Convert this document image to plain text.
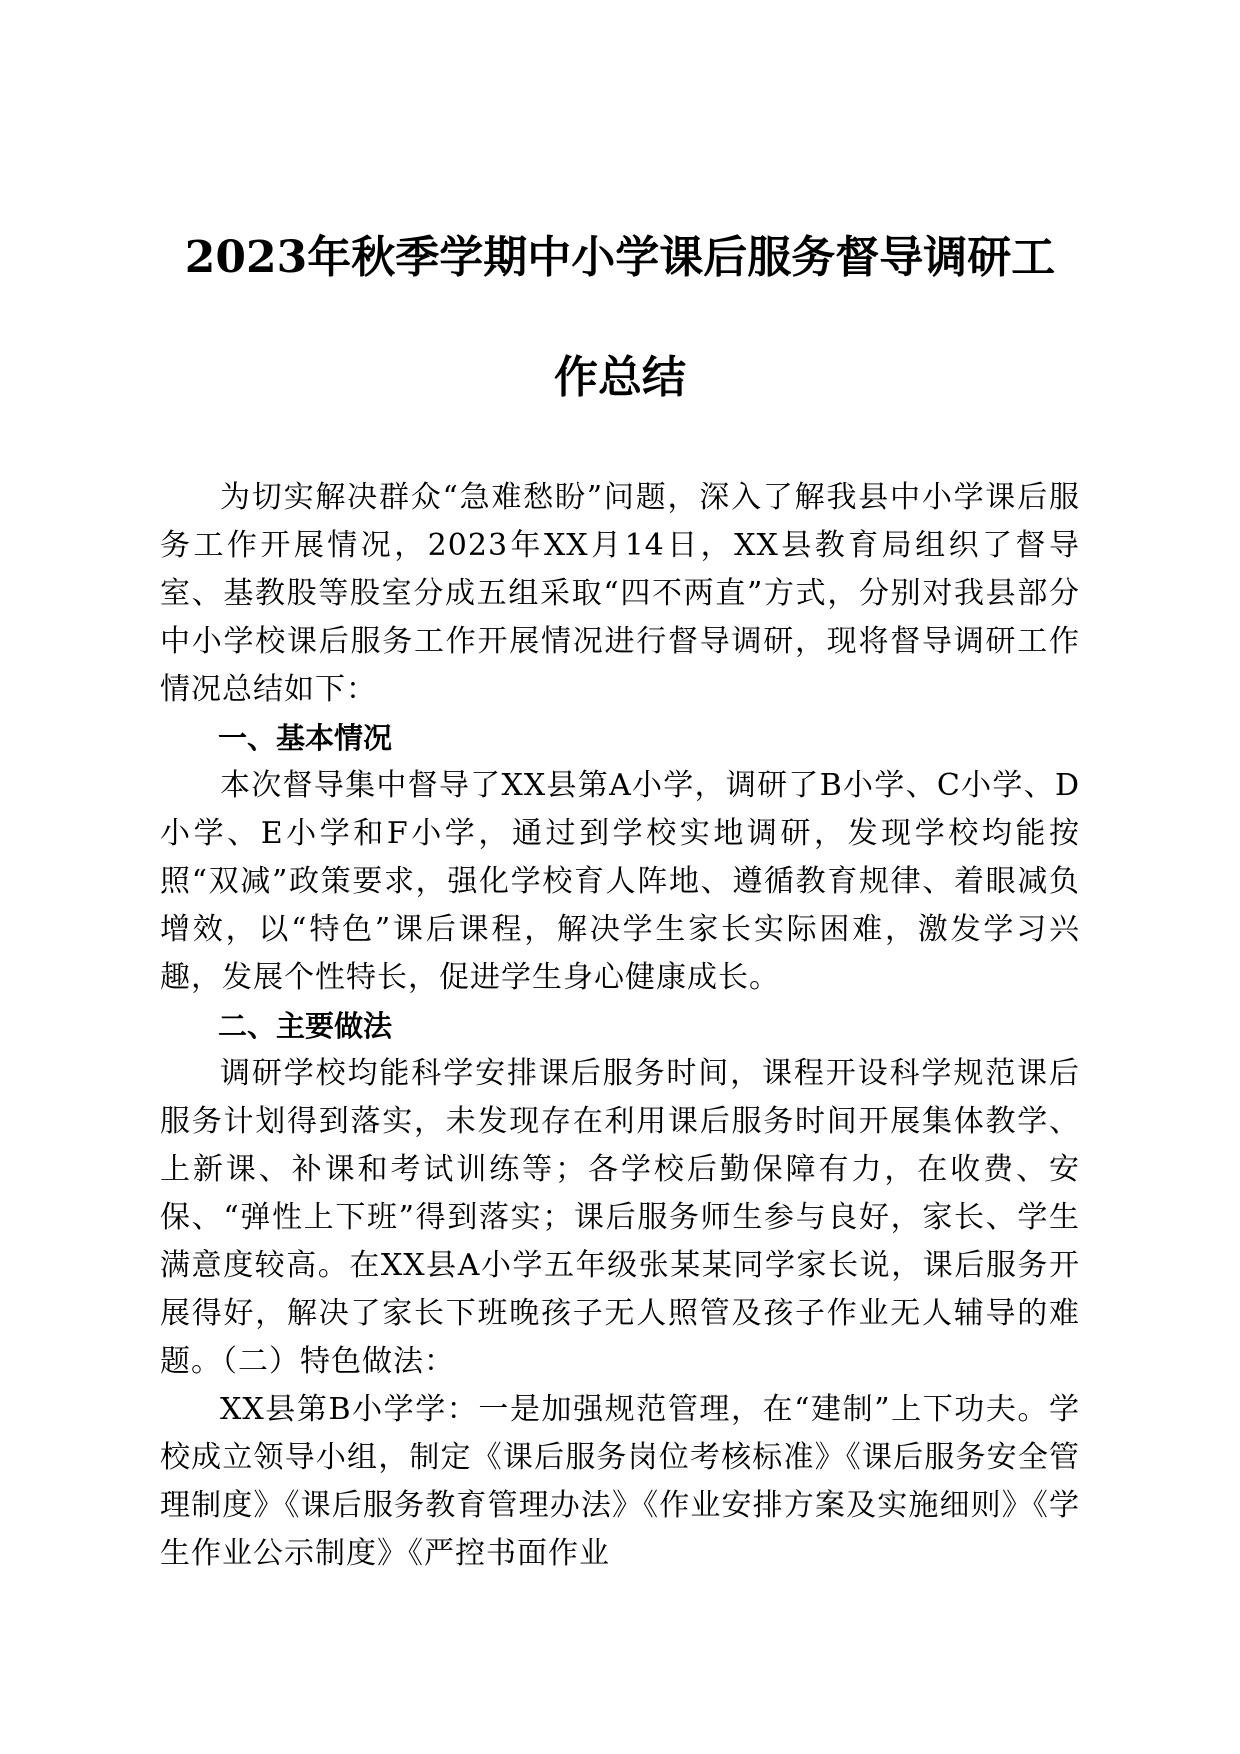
2023年秋季学期中小学课后服务督导调研工
作总结

为切实解决群众“急难愁盼”问题，深入了解我县中小学课后服务工作开展情况，2023年XX月14日，XX县教育局组织了督导室、基教股等股室分成五组采取“四不两直”方式，分别对我县部分中小学校课后服务工作开展情况进行督导调研，现将督导调研工作情况总结如下：

一、基本情况

本次督导集中督导了XX县第A小学，调研了B小学、C小学、D小学、E小学和F小学，通过到学校实地调研，发现学校均能按照“双减”政策要求，强化学校育人阵地、遵循教育规律、着眼减负增效，以“特色”课后课程，解决学生家长实际困难，激发学习兴趣，发展个性特长，促进学生身心健康成长。

二、主要做法

调研学校均能科学安排课后服务时间，课程开设科学规范课后服务计划得到落实，未发现存在利用课后服务时间开展集体教学、上新课、补课和考试训练等；各学校后勤保障有力，在收费、安保、“弹性上下班”得到落实；课后服务师生参与良好，家长、学生满意度较高。在XX县A小学五年级张某某同学家长说，课后服务开展得好，解决了家长下班晚孩子无人照管及孩子作业无人辅导的难题。（二）特色做法：

XX县第B小学学：一是加强规范管理，在“建制”上下功夫。学校成立领导小组，制定《课后服务岗位考核标准》《课后服务安全管理制度》《课后服务教育管理办法》《作业安排方案及实施细则》《学生作业公示制度》《严控书面作业
